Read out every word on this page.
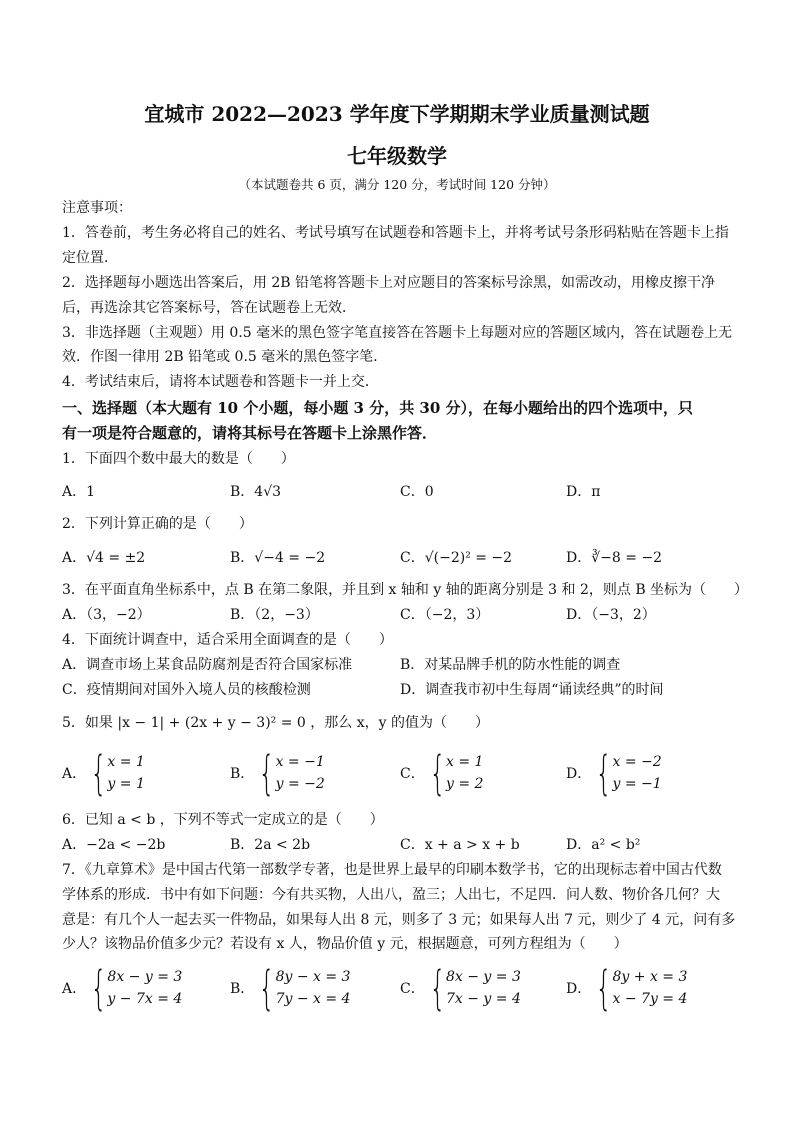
宜城市 2022—2023 学年度下学期期末学业质量测试题
七年级数学
（本试题卷共 6 页，满分 120 分，考试时间 120 分钟）
注意事项：
1．答卷前，考生务必将自己的姓名、考试号填写在试题卷和答题卡上，并将考试号条形码粘贴在答题卡上指
定位置．
2．选择题每小题选出答案后，用 2B 铅笔将答题卡上对应题目的答案标号涂黑，如需改动，用橡皮擦干净
后，再选涂其它答案标号，答在试题卷上无效．
3．非选择题（主观题）用 0.5 毫米的黑色签字笔直接答在答题卡上每题对应的答题区域内，答在试题卷上无
效．作图一律用 2B 铅笔或 0.5 毫米的黑色签字笔．
4．考试结束后，请将本试题卷和答题卡一并上交．
一、选择题（本大题有 10 个小题，每小题 3 分，共 30 分），在每小题给出的四个选项中，只
有一项是符合题意的，请将其标号在答题卡上涂黑作答．
1．下面四个数中最大的数是（　　）
A．1	B．4√3	C．0	D．π
2．下列计算正确的是（　　）
A．√4 = ±2	B．√−4 = −2	C．√(−2)² = −2	D．∛−8 = −2
3．在平面直角坐标系中，点 B 在第二象限，并且到 x 轴和 y 轴的距离分别是 3 和 2，则点 B 坐标为（　　）
A．（3，−2）	B．（2，−3）	C．（−2，3）	D．（−3，2）
4．下面统计调查中，适合采用全面调查的是（　　）
A．调查市场上某食品防腐剂是否符合国家标准	B．对某品牌手机的防水性能的调查
C．疫情期间对国外入境人员的核酸检测	D．调查我市初中生每周“诵读经典”的时间
5．如果 |x − 1| + (2x + y − 3)² = 0 ，那么 x，y 的值为（　　）
A． { x = 1
y = 1
B． { x = −1
y = −2
C． { x = 1
y = 2
D． { x = −2
y = −1
6．已知 a < b ，下列不等式一定成立的是（　　）
A．−2a < −2b	B．2a < 2b	C．x + a > x + b	D．a² < b²
7．《九章算术》是中国古代第一部数学专著，也是世界上最早的印刷本数学书，它的出现标志着中国古代数
学体系的形成．书中有如下问题：今有共买物，人出八，盈三；人出七，不足四．问人数、物价各几何？大
意是：有几个人一起去买一件物品，如果每人出 8 元，则多了 3 元；如果每人出 7 元，则少了 4 元，问有多
少人？该物品价值多少元？若设有 x 人，物品价值 y 元，根据题意，可列方程组为（　　）
A． { 8x − y = 3
y − 7x = 4
B． { 8y − x = 3
7y − x = 4
C． { 8x − y = 3
7x − y = 4
D． { 8y + x = 3
x − 7y = 4
